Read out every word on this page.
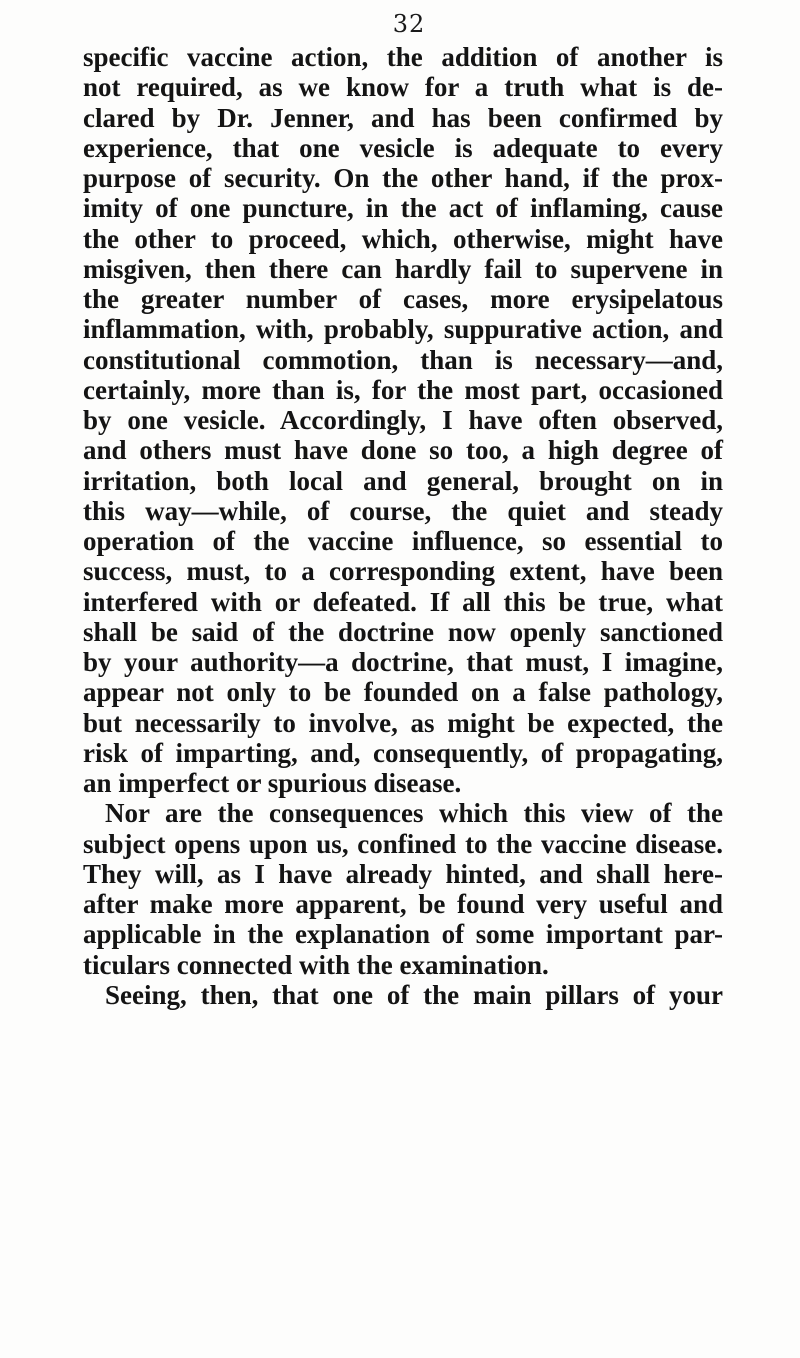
32
specific vaccine action, the addition of another is
not required, as we know for a truth what is de-
clared by Dr. Jenner, and has been confirmed by
experience, that one vesicle is adequate to every
purpose of security. On the other hand, if the prox-
imity of one puncture, in the act of inflaming, cause
the other to proceed, which, otherwise, might have
misgiven, then there can hardly fail to supervene in
the greater number of cases, more erysipelatous
inflammation, with, probably, suppurative action, and
constitutional commotion, than is necessary—and,
certainly, more than is, for the most part, occasioned
by one vesicle. Accordingly, I have often observed,
and others must have done so too, a high degree of
irritation, both local and general, brought on in
this way—while, of course, the quiet and steady
operation of the vaccine influence, so essential to
success, must, to a corresponding extent, have been
interfered with or defeated. If all this be true, what
shall be said of the doctrine now openly sanctioned
by your authority—a doctrine, that must, I imagine,
appear not only to be founded on a false pathology,
but necessarily to involve, as might be expected, the
risk of imparting, and, consequently, of propagating,
an imperfect or spurious disease.
Nor are the consequences which this view of the
subject opens upon us, confined to the vaccine disease.
They will, as I have already hinted, and shall here-
after make more apparent, be found very useful and
applicable in the explanation of some important par-
ticulars connected with the examination.
Seeing, then, that one of the main pillars of your
